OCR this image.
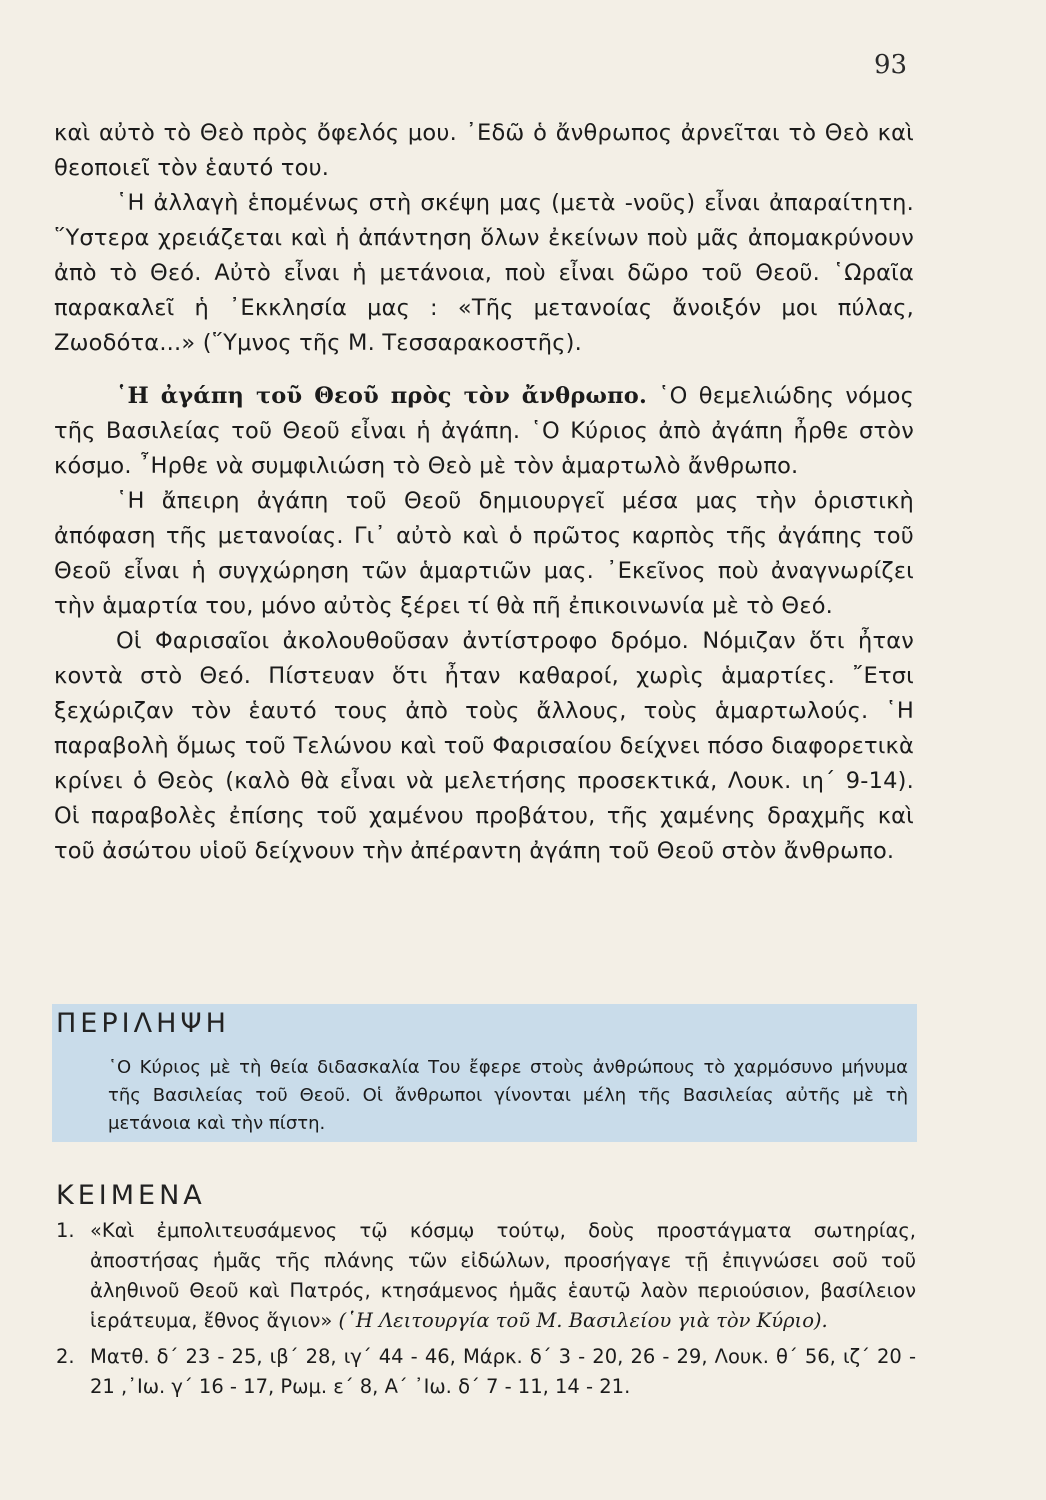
93

καὶ αὐτὸ τὸ Θεὸ πρὸς ὄφελός μου. ᾿Εδῶ ὁ ἄνθρωπος ἀρνεῖται τὸ Θεὸ καὶ θεοποιεῖ τὸν ἑαυτό του.

῾Η ἀλλαγὴ ἑπομένως στὴ σκέψη μας (μετὰ -νοῦς) εἶναι ἀπαραίτητη. ῞Υστερα χρειάζεται καὶ ἡ ἀπάντηση ὅλων ἐκείνων ποὺ μᾶς ἀπομακρύνουν ἀπὸ τὸ Θεό. Αὐτὸ εἶναι ἡ μετάνοια, ποὺ εἶναι δῶρο τοῦ Θεοῦ. ῾Ωραῖα παρακαλεῖ ἡ ᾿Εκκλησία μας : «Τῆς μετανοίας ἄνοιξόν μοι πύλας, Ζωοδότα...» (῞Υμνος τῆς Μ. Τεσσαρακοστῆς).

῾Η ἀγάπη τοῦ Θεοῦ πρὸς τὸν ἄνθρωπο. ῾Ο θεμελιώδης νόμος τῆς Βασιλείας τοῦ Θεοῦ εἶναι ἡ ἀγάπη. ῾Ο Κύριος ἀπὸ ἀγάπη ἦρθε στὸν κόσμο. ῏Ηρθε νὰ συμφιλιώση τὸ Θεὸ μὲ τὸν ἁμαρτωλὸ ἄνθρωπο.

῾Η ἄπειρη ἀγάπη τοῦ Θεοῦ δημιουργεῖ μέσα μας τὴν ὁριστικὴ ἀπόφαση τῆς μετανοίας. Γι᾿ αὐτὸ καὶ ὁ πρῶτος καρπὸς τῆς ἀγάπης τοῦ Θεοῦ εἶναι ἡ συγχώρηση τῶν ἁμαρτιῶν μας. ᾿Εκεῖνος ποὺ ἀναγνωρίζει τὴν ἁμαρτία του, μόνο αὐτὸς ξέρει τί θὰ πῆ ἐπικοινωνία μὲ τὸ Θεό.

Οἱ Φαρισαῖοι ἀκολουθοῦσαν ἀντίστροφο δρόμο. Νόμιζαν ὅτι ἦταν κοντὰ στὸ Θεό. Πίστευαν ὅτι ἦταν καθαροί, χωρὶς ἁμαρτίες. ῎Ετσι ξεχώριζαν τὸν ἑαυτό τους ἀπὸ τοὺς ἄλλους, τοὺς ἁμαρτωλούς. ῾Η παραβολὴ ὅμως τοῦ Τελώνου καὶ τοῦ Φαρισαίου δείχνει πόσο διαφορετικὰ κρίνει ὁ Θεὸς (καλὸ θὰ εἶναι νὰ μελετήσης προσεκτικά, Λουκ. ιη´ 9-14). Οἱ παραβολὲς ἐπίσης τοῦ χαμένου προβάτου, τῆς χαμένης δραχμῆς καὶ τοῦ ἀσώτου υἱοῦ δείχνουν τὴν ἀπέραντη ἀγάπη τοῦ Θεοῦ στὸν ἄνθρωπο.

ΠΕΡΙΛΗΨΗ
῾Ο Κύριος μὲ τὴ θεία διδασκαλία Του ἔφερε στοὺς ἀνθρώπους τὸ χαρμόσυνο μήνυμα τῆς Βασιλείας τοῦ Θεοῦ. Οἱ ἄνθρωποι γίνονται μέλη τῆς Βασιλείας αὐτῆς μὲ τὴ μετάνοια καὶ τὴν πίστη.
ΚΕΙΜΕΝΑ
1. «Καὶ ἐμπολιτευσάμενος τῷ κόσμῳ τούτῳ, δοὺς προστάγματα σωτηρίας, ἀποστήσας ἡμᾶς τῆς πλάνης τῶν εἰδώλων, προσήγαγε τῇ ἐπιγνώσει σοῦ τοῦ ἀληθινοῦ Θεοῦ καὶ Πατρός, κτησάμενος ἡμᾶς ἑαυτῷ λαὸν περιούσιον, βασίλειον ἱεράτευμα, ἔθνος ἅγιον» (῾Η Λειτουργία τοῦ Μ. Βασιλείου γιὰ τὸν Κύριο).
2. Ματθ. δ´ 23 - 25, ιβ´ 28, ιγ´ 44 - 46, Μάρκ. δ´ 3 - 20, 26 - 29, Λουκ. θ´ 56, ιζ´ 20 - 21 ,᾿Ιω. γ´ 16 - 17, Ρωμ. ε´ 8, Α´ ᾿Ιω. δ´ 7 - 11, 14 - 21.
